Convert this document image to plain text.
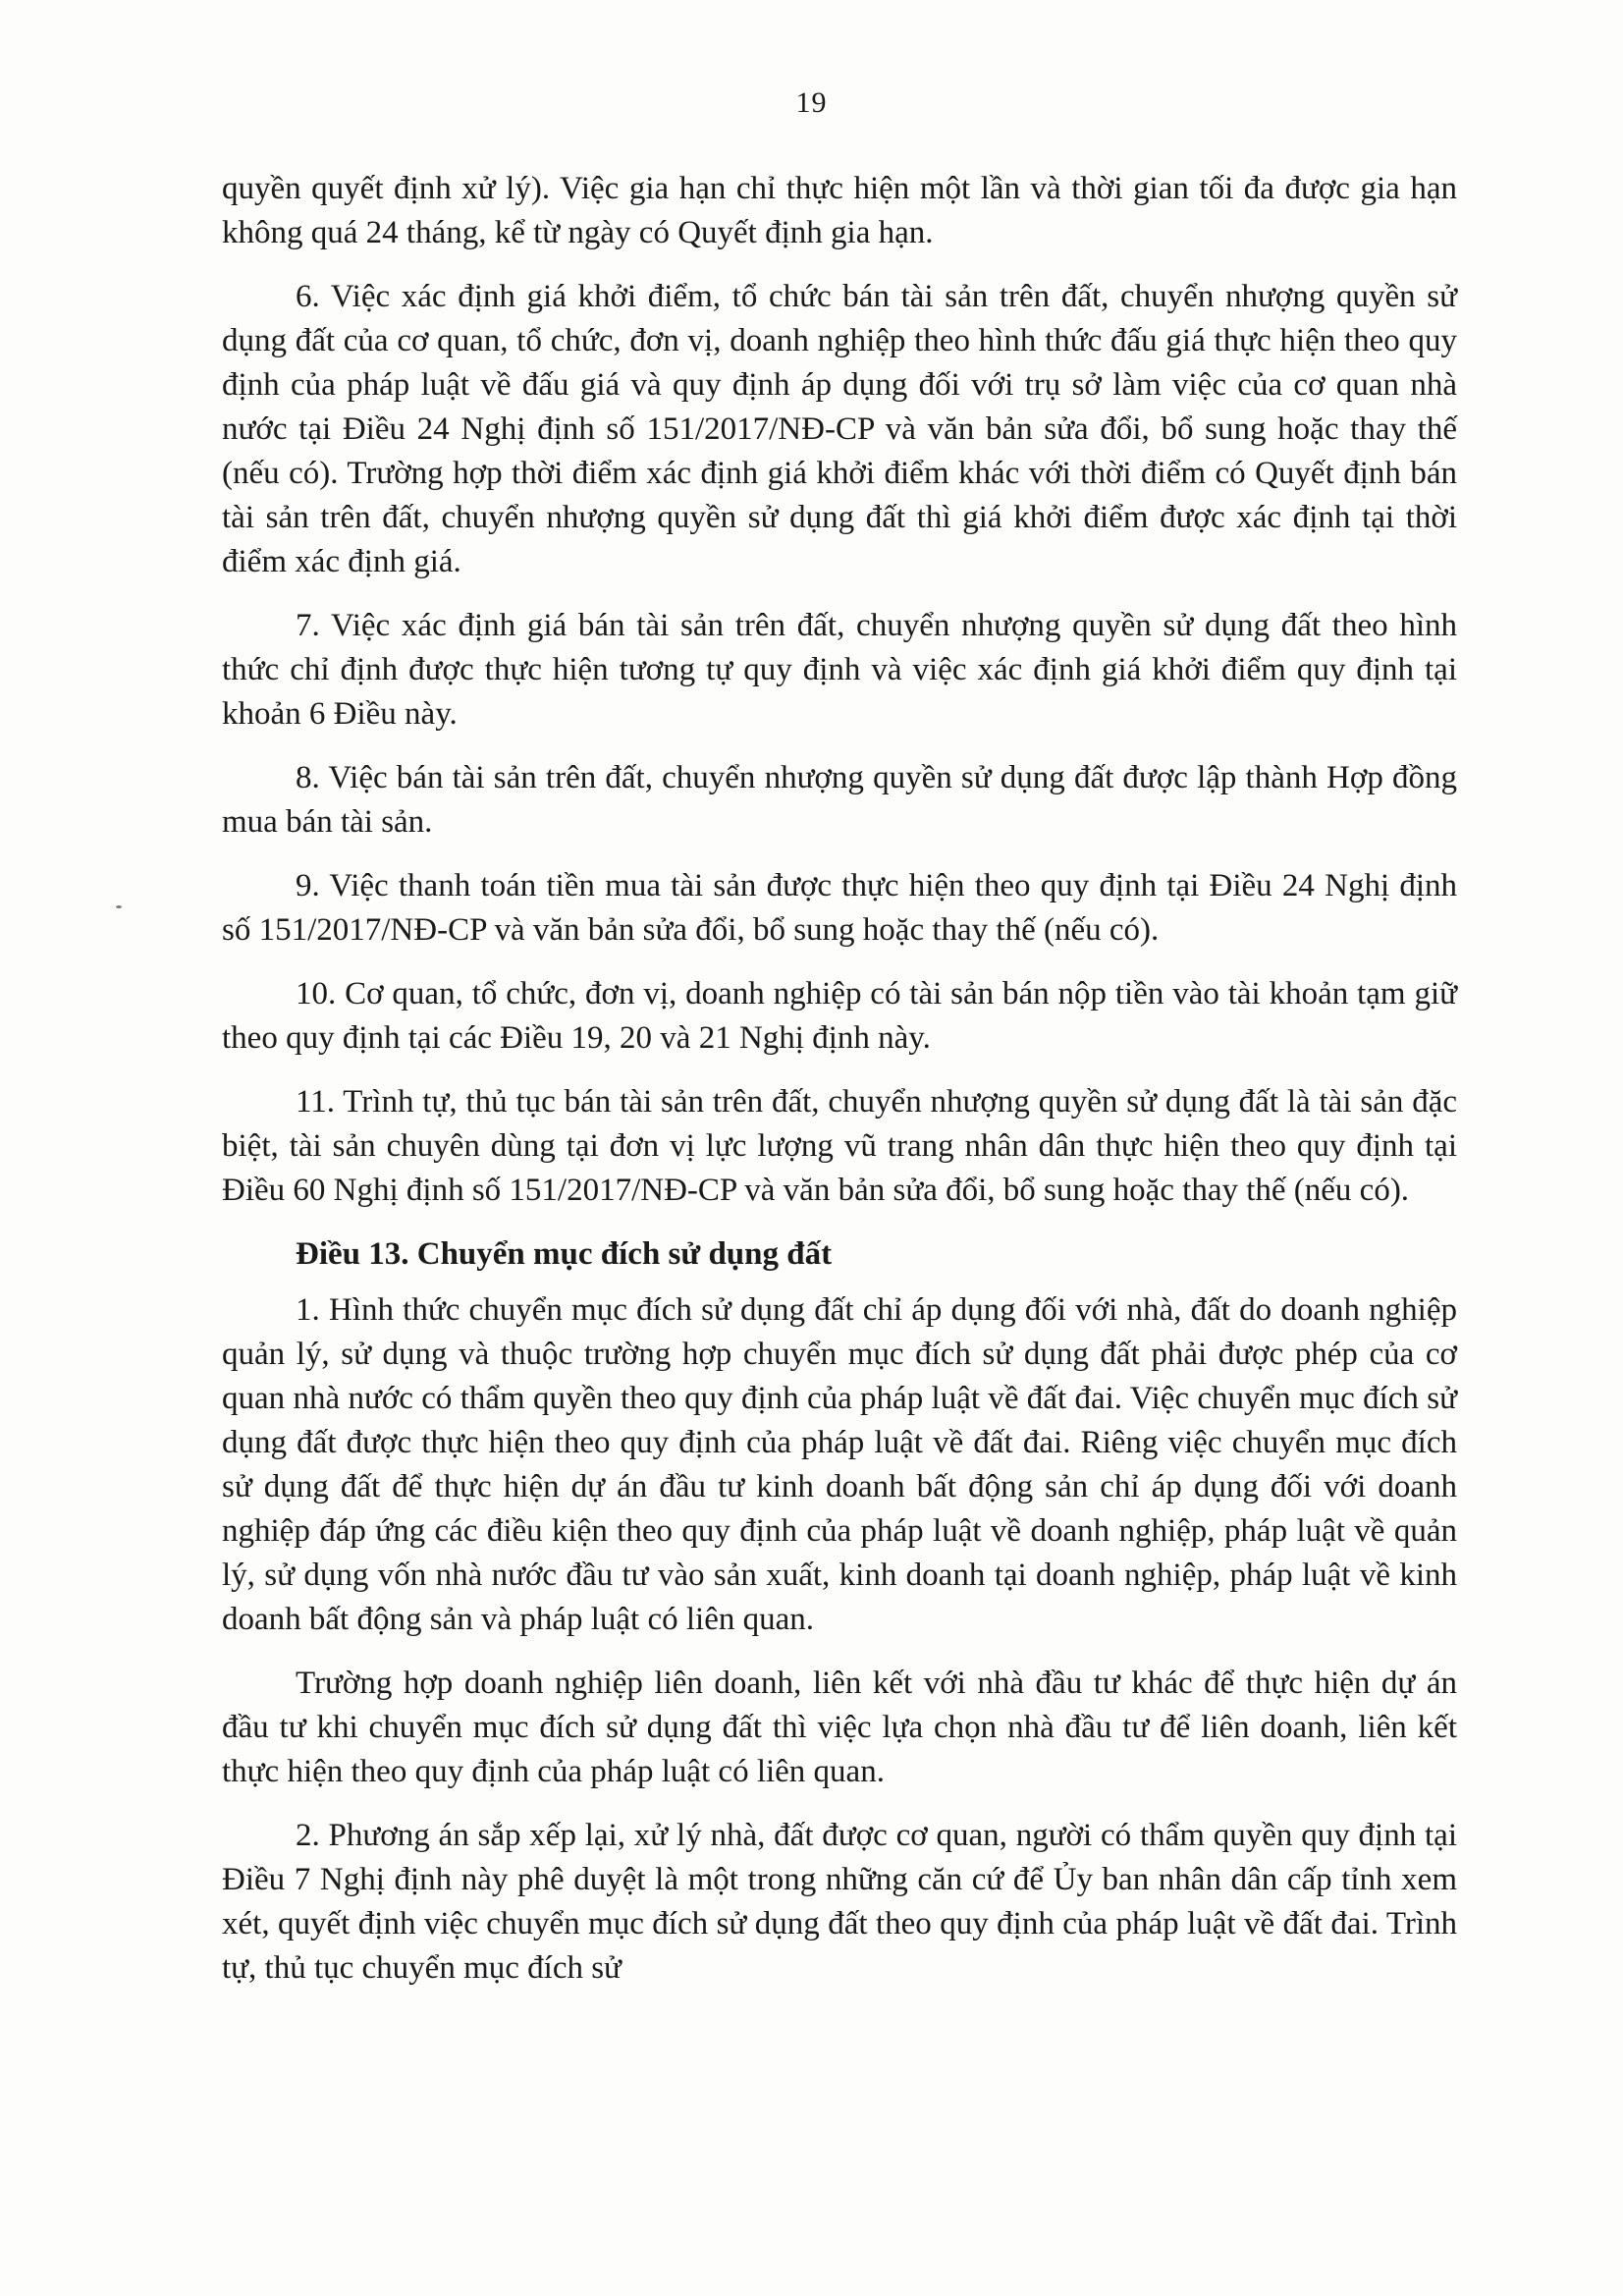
19

quyền quyết định xử lý). Việc gia hạn chỉ thực hiện một lần và thời gian tối đa được gia hạn không quá 24 tháng, kể từ ngày có Quyết định gia hạn.

6. Việc xác định giá khởi điểm, tổ chức bán tài sản trên đất, chuyển nhượng quyền sử dụng đất của cơ quan, tổ chức, đơn vị, doanh nghiệp theo hình thức đấu giá thực hiện theo quy định của pháp luật về đấu giá và quy định áp dụng đối với trụ sở làm việc của cơ quan nhà nước tại Điều 24 Nghị định số 151/2017/NĐ-CP và văn bản sửa đổi, bổ sung hoặc thay thế (nếu có). Trường hợp thời điểm xác định giá khởi điểm khác với thời điểm có Quyết định bán tài sản trên đất, chuyển nhượng quyền sử dụng đất thì giá khởi điểm được xác định tại thời điểm xác định giá.

7. Việc xác định giá bán tài sản trên đất, chuyển nhượng quyền sử dụng đất theo hình thức chỉ định được thực hiện tương tự quy định và việc xác định giá khởi điểm quy định tại khoản 6 Điều này.

8. Việc bán tài sản trên đất, chuyển nhượng quyền sử dụng đất được lập thành Hợp đồng mua bán tài sản.

9. Việc thanh toán tiền mua tài sản được thực hiện theo quy định tại Điều 24 Nghị định số 151/2017/NĐ-CP và văn bản sửa đổi, bổ sung hoặc thay thế (nếu có).

10. Cơ quan, tổ chức, đơn vị, doanh nghiệp có tài sản bán nộp tiền vào tài khoản tạm giữ theo quy định tại các Điều 19, 20 và 21 Nghị định này.

11. Trình tự, thủ tục bán tài sản trên đất, chuyển nhượng quyền sử dụng đất là tài sản đặc biệt, tài sản chuyên dùng tại đơn vị lực lượng vũ trang nhân dân thực hiện theo quy định tại Điều 60 Nghị định số 151/2017/NĐ-CP và văn bản sửa đổi, bổ sung hoặc thay thế (nếu có).

Điều 13. Chuyển mục đích sử dụng đất

1. Hình thức chuyển mục đích sử dụng đất chỉ áp dụng đối với nhà, đất do doanh nghiệp quản lý, sử dụng và thuộc trường hợp chuyển mục đích sử dụng đất phải được phép của cơ quan nhà nước có thẩm quyền theo quy định của pháp luật về đất đai. Việc chuyển mục đích sử dụng đất được thực hiện theo quy định của pháp luật về đất đai. Riêng việc chuyển mục đích sử dụng đất để thực hiện dự án đầu tư kinh doanh bất động sản chỉ áp dụng đối với doanh nghiệp đáp ứng các điều kiện theo quy định của pháp luật về doanh nghiệp, pháp luật về quản lý, sử dụng vốn nhà nước đầu tư vào sản xuất, kinh doanh tại doanh nghiệp, pháp luật về kinh doanh bất động sản và pháp luật có liên quan.

Trường hợp doanh nghiệp liên doanh, liên kết với nhà đầu tư khác để thực hiện dự án đầu tư khi chuyển mục đích sử dụng đất thì việc lựa chọn nhà đầu tư để liên doanh, liên kết thực hiện theo quy định của pháp luật có liên quan.

2. Phương án sắp xếp lại, xử lý nhà, đất được cơ quan, người có thẩm quyền quy định tại Điều 7 Nghị định này phê duyệt là một trong những căn cứ để Ủy ban nhân dân cấp tỉnh xem xét, quyết định việc chuyển mục đích sử dụng đất theo quy định của pháp luật về đất đai. Trình tự, thủ tục chuyển mục đích sử
